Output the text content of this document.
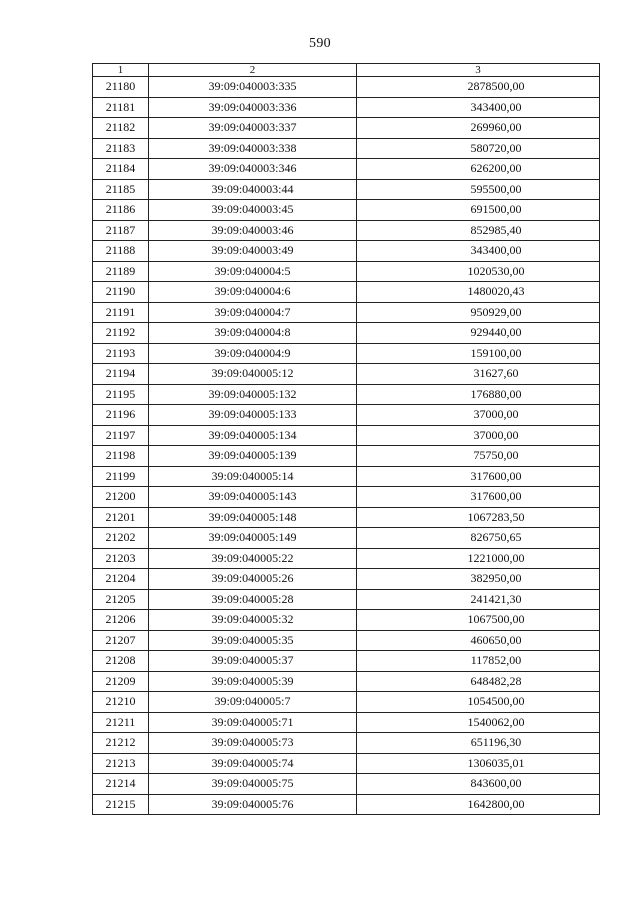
590
1	2	3
21180	39:09:040003:335	2878500,00
21181	39:09:040003:336	343400,00
21182	39:09:040003:337	269960,00
21183	39:09:040003:338	580720,00
21184	39:09:040003:346	626200,00
21185	39:09:040003:44	595500,00
21186	39:09:040003:45	691500,00
21187	39:09:040003:46	852985,40
21188	39:09:040003:49	343400,00
21189	39:09:040004:5	1020530,00
21190	39:09:040004:6	1480020,43
21191	39:09:040004:7	950929,00
21192	39:09:040004:8	929440,00
21193	39:09:040004:9	159100,00
21194	39:09:040005:12	31627,60
21195	39:09:040005:132	176880,00
21196	39:09:040005:133	37000,00
21197	39:09:040005:134	37000,00
21198	39:09:040005:139	75750,00
21199	39:09:040005:14	317600,00
21200	39:09:040005:143	317600,00
21201	39:09:040005:148	1067283,50
21202	39:09:040005:149	826750,65
21203	39:09:040005:22	1221000,00
21204	39:09:040005:26	382950,00
21205	39:09:040005:28	241421,30
21206	39:09:040005:32	1067500,00
21207	39:09:040005:35	460650,00
21208	39:09:040005:37	117852,00
21209	39:09:040005:39	648482,28
21210	39:09:040005:7	1054500,00
21211	39:09:040005:71	1540062,00
21212	39:09:040005:73	651196,30
21213	39:09:040005:74	1306035,01
21214	39:09:040005:75	843600,00
21215	39:09:040005:76	1642800,00
